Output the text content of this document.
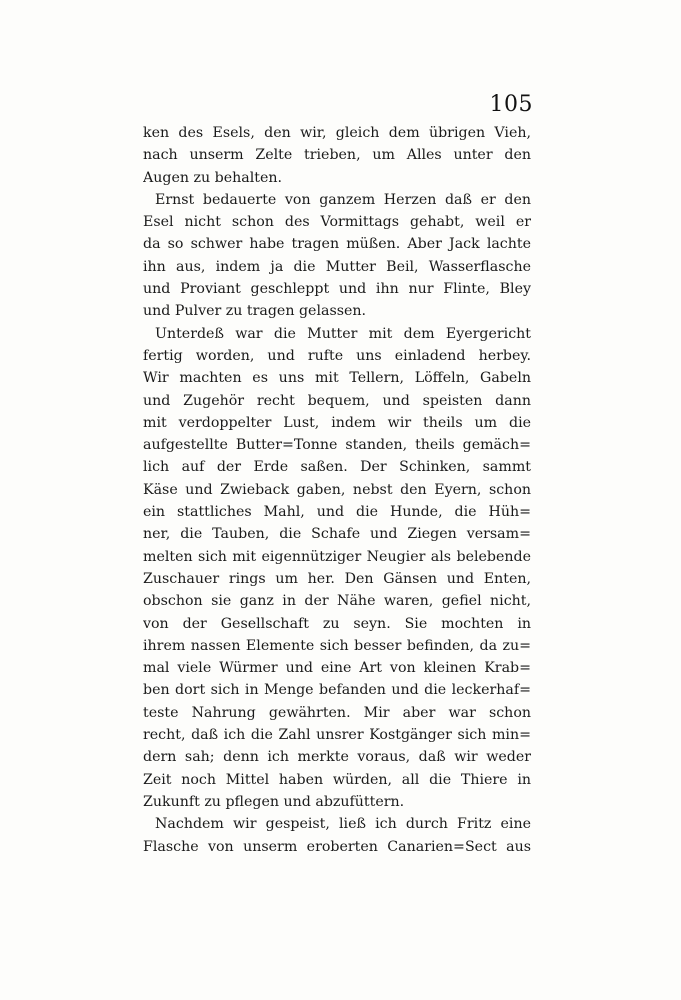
105
ken des Esels, den wir, gleich dem übrigen Vieh,
nach unserm Zelte trieben, um Alles unter den
Augen zu behalten.
Ernst bedauerte von ganzem Herzen daß er den
Esel nicht schon des Vormittags gehabt, weil er
da so schwer habe tragen müßen. Aber Jack lachte
ihn aus, indem ja die Mutter Beil, Wasserflasche
und Proviant geschleppt und ihn nur Flinte, Bley
und Pulver zu tragen gelassen.
Unterdeß war die Mutter mit dem Eyergericht
fertig worden, und rufte uns einladend herbey.
Wir machten es uns mit Tellern, Löffeln, Gabeln
und Zugehör recht bequem, und speisten dann
mit verdoppelter Lust, indem wir theils um die
aufgestellte Butter=Tonne standen, theils gemäch=
lich auf der Erde saßen. Der Schinken, sammt
Käse und Zwieback gaben, nebst den Eyern, schon
ein stattliches Mahl, und die Hunde, die Hüh=
ner, die Tauben, die Schafe und Ziegen versam=
melten sich mit eigennütziger Neugier als belebende
Zuschauer rings um her. Den Gänsen und Enten,
obschon sie ganz in der Nähe waren, gefiel nicht,
von der Gesellschaft zu seyn. Sie mochten in
ihrem nassen Elemente sich besser befinden, da zu=
mal viele Würmer und eine Art von kleinen Krab=
ben dort sich in Menge befanden und die leckerhaf=
teste Nahrung gewährten. Mir aber war schon
recht, daß ich die Zahl unsrer Kostgänger sich min=
dern sah; denn ich merkte voraus, daß wir weder
Zeit noch Mittel haben würden, all die Thiere in
Zukunft zu pflegen und abzufüttern.
Nachdem wir gespeist, ließ ich durch Fritz eine
Flasche von unserm eroberten Canarien=Sect aus
